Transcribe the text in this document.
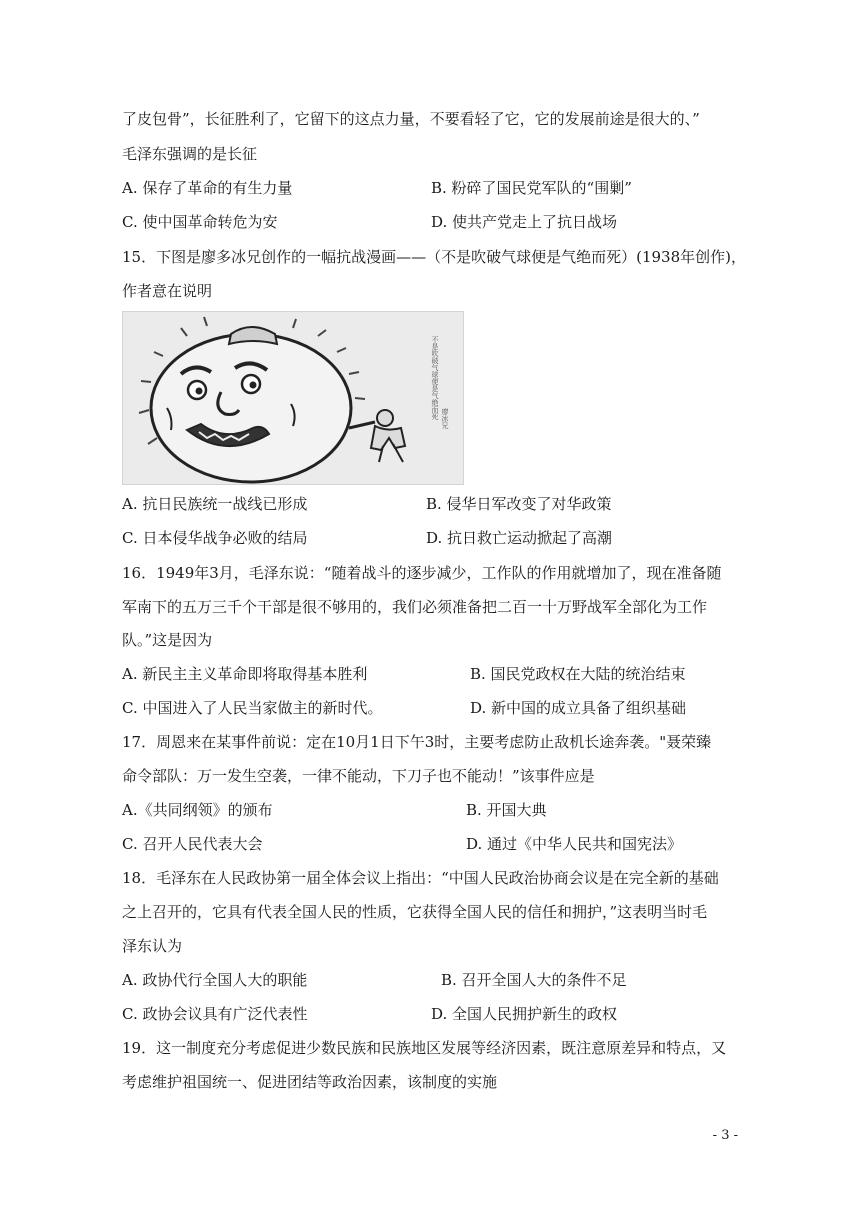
了皮包骨”，长征胜利了，它留下的这点力量，不要看轻了它，它的发展前途是很大的、”
毛泽东强调的是长征
A. 保存了革命的有生力量	B. 粉碎了国民党军队的“围剿”
C. 使中国革命转危为安	D. 使共产党走上了抗日战场
15．下图是廖多冰兄创作的一幅抗战漫画——（不是吹破气球便是气绝而死）(1938年创作)，
作者意在说明
不是吹破气球便是气绝而死 廖冰兄
A. 抗日民族统一战线已形成	B. 侵华日军改变了对华政策
C. 日本侵华战争必败的结局	D. 抗日救亡运动掀起了高潮
16．1949年3月，毛泽东说：“随着战斗的逐步减少，工作队的作用就增加了，现在准备随
军南下的五万三千个干部是很不够用的，我们必须准备把二百一十万野战军全部化为工作
队。”这是因为
A. 新民主主义革命即将取得基本胜利	B. 国民党政权在大陆的统治结束
C. 中国进入了人民当家做主的新时代。	D. 新中国的成立具备了组织基础
17．周恩来在某事件前说：定在10月1日下午3时，主要考虑防止敌机长途奔袭。"聂荣臻
命令部队：万一发生空袭，一律不能动，下刀子也不能动！”该事件应是
A.《共同纲领》的颁布	B. 开国大典
C. 召开人民代表大会	D. 通过《中华人民共和国宪法》
18．毛泽东在人民政协第一届全体会议上指出：“中国人民政治协商会议是在完全新的基础
之上召开的，它具有代表全国人民的性质，它获得全国人民的信任和拥护，”这表明当时毛
泽东认为
A. 政协代行全国人大的职能	B. 召开全国人大的条件不足
C. 政协会议具有广泛代表性	D. 全国人民拥护新生的政权
19．这一制度充分考虑促进少数民族和民族地区发展等经济因素，既注意原差异和特点，又
考虑维护祖国统一、促进团结等政治因素，该制度的实施
- 3 -
